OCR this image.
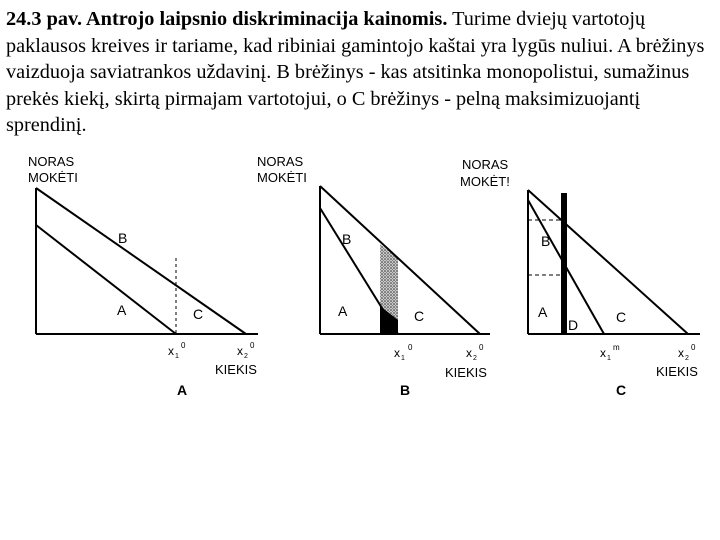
24.3 pav. Antrojo laipsnio diskriminacija kainomis. Turime dviejų vartotojų paklausos kreives ir tariame, kad ribiniai gamintojo kaštai yra lygūs nuliui. A brėžinys vaizduoja saviatrankos uždavinį. B brėžinys - kas atsitinka monopolistui, sumažinus prekės kiekį, skirtą pirmajam vartotojui, o C brėžinys - pelną maksimizuojantį sprendinį.
NORAS
MOKĖTI
B
A	C
x 1
0	x 2
0
KIEKIS
A
NORAS
MOKĖTI
B
A	C
x 1
0	x 2
0
KIEKIS
B
NORAS
MOKĖT!
B
A
D	C
x 1
m	x 2
0
KIEKIS
C
